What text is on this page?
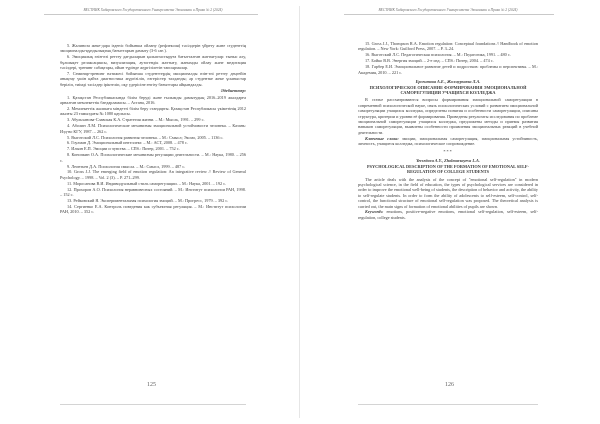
ВЕСТНИК Хабаровского Государственного Университета Экономики и Права № 2 (2024)

5. Жалиноза жеке-дара ізденіс бойынша ойлану (рефлексия) тәсілдерін үйрету және студенттің эмоционалды-құндылықтық бағыттарын дамыту (3-6 сағ.).

6. Эмоциялық өзін-өзі реттеу дағдыларын қалыптастыруға бағытталған жаттығулар: тыныс алу, бұлшықет релаксациясы, визуализация, аутогендік жаттығу, жағымды ойлау және медитация тәсілдері, тренинг сабақтары, ойын түрінде жүргізілетін тапсырмалар.

7. Семинар-тренинг нәтижесі бойынша студенттердің эмоционалды өзін-өзі реттеу деңгейін анықтау үшін қайта диагностика жүргізіліп, өзгерістер талданды; әр студентке жеке ұсыныстар беріліп, тиімді тәсілдер іріктеліп, оқу үдерісіне енгізу бағыттары айқындалды.

Әдебиеттер:

1. Қазақстан Республикасында білім беруді және ғылымды дамытудың 2016–2019 жылдарға арналған мемлекеттік бағдарламасы. – Астана, 2016.

2. Мемлекеттік жалпыға міндетті білім беру стандарты. Қазақстан Республикасы үкіметінің 2012 жылғы 23 тамыздағы № 1080 қаулысы.

3. Абульханова-Славская К.А. Стратегия жизни. – М.: Мысль, 1991. – 299 с.

4. Аболин Л.М. Психологические механизмы эмоциональной устойчивости человека. – Казань: Изд-во КГУ, 1987. – 262 с.

5. Выготский Л.С. Психология развития человека. – М.: Смысл; Эксмо, 2005. – 1136 с.

6. Гоулман Д. Эмоциональный интеллект. – М.: АСТ, 2008. – 478 с.

7. Ильин Е.П. Эмоции и чувства. – СПб.: Питер, 2001. – 752 с.

8. Конопкин О.А. Психологические механизмы регуляции деятельности. – М.: Наука, 1980. – 256 с.

9. Леонтьев Д.А. Психология смысла. – М.: Смысл, 1999. – 487 с.

10. Gross J.J. The emerging field of emotion regulation: An integrative review // Review of General Psychology. – 1998. – Vol. 2 (3). – P. 271–299.

11. Моросанова В.И. Индивидуальный стиль саморегуляции. – М.: Наука, 2001. – 192 с.

12. Прохоров А.О. Психология неравновесных состояний. – М.: Институт психологии РАН, 1998. – 152 с.

13. Рейковский Я. Экспериментальная психология эмоций. – М.: Прогресс, 1979. – 392 с.

14. Сергиенко Е.А. Контроль поведения как субъектная регуляция. – М.: Институт психологии РАН, 2010. – 352 с.

125
ВЕСТНИК Хабаровского Государственного Университета Экономики и Права № 2 (2024)

15. Gross J.J., Thompson R.A. Emotion regulation: Conceptual foundations // Handbook of emotion regulation. – New York: Guilford Press, 2007. – P. 3–24.

16. Выготский Л.С. Педагогическая психология. – М.: Педагогика, 1991. – 480 с.

17. Бойко В.В. Энергия эмоций. – 2-е изд. – СПб.: Питер, 2004. – 474 с.

18. Гарбер Е.И. Эмоциональное развитие детей и подростков: проблемы и перспективы. – М.: Академия, 2010. – 221 с.

Ерсеитова А.Е., Жолмурзаева Л.А.
ПСИХОЛОГИЧЕСКОЕ ОПИСАНИЕ ФОРМИРОВАНИЯ ЭМОЦИОНАЛЬНОЙ САМОРЕГУЛЯЦИИ УЧАЩИХСЯ КОЛЛЕДЖА

В статье рассматриваются вопросы формирования эмоциональной саморегуляции в современной психологической науке, связь психологических условий с развитием эмоциональной саморегуляции учащихся колледжа, определены понятия и особенности саморегуляции, описаны структура, критерии и уровни её формирования. Приведены результаты исследования по проблеме эмоциональной саморегуляции учащихся колледжа, предложены методы и приемы развития навыков саморегуляции, выявлены особенности проявления эмоциональных реакций в учебной деятельности.

Ключевые слова: эмоции, эмоциональная саморегуляция, эмоциональная устойчивость, личность, учащиеся колледжа, психологическое сопровождение.

***
Yerseitova A.Y., Zholmurzayeva L.A.
PSYCHOLOGICAL DESCRIPTION OF THE FORMATION OF EMOTIONAL SELF-REGULATION OF COLLEGE STUDENTS

The article deals with the analysis of the concept of "emotional self-regulation" in modern psychological science, in the field of education, the types of psychological services are considered in order to improve the emotional well-being of students, the description of behavior and activity, the ability to self-regulate students. In order to form the ability of adolescents to self-esteem, self-control, self-control, the functional structure of emotional self-regulation was proposed. The theoretical analysis is carried out, the main signs of formation of emotional abilities of pupils are shown.

Keywords: emotions, positive-negative emotions, emotional self-regulation, self-esteem, self-regulation, college students.

126
